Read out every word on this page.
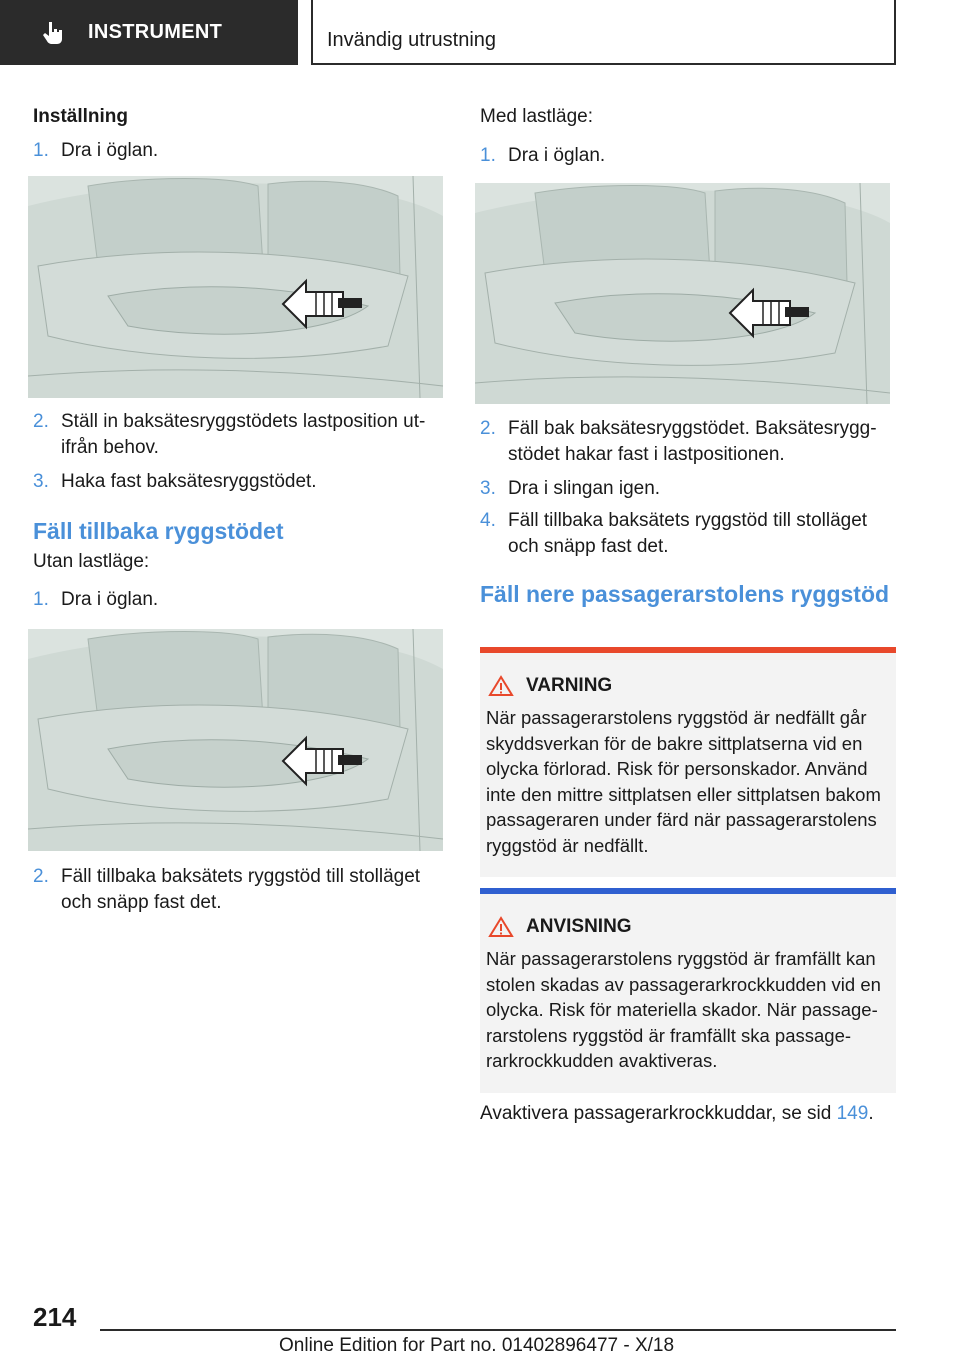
INSTRUMENT	Invändig utrustning
Inställning
1. Dra i öglan.
2. Ställ in baksätesryggstödets lastposition utifrån behov.
3. Haka fast baksätesryggstödet.
Fäll tillbaka ryggstödet
Utan lastläge:
1. Dra i öglan.
2. Fäll tillbaka baksätets ryggstöd till stolläget och snäpp fast det.
Med lastläge:
1. Dra i öglan.
2. Fäll bak baksätesryggstödet. Baksätesryggstödet hakar fast i lastpositionen.
3. Dra i slingan igen.
4. Fäll tillbaka baksätets ryggstöd till stolläget och snäpp fast det.
Fäll nere passagerarstolens ryggstöd
VARNING
När passagerarstolens ryggstöd är nedfällt går skyddsverkan för de bakre sittplatserna vid en olycka förlorad. Risk för personskador. Använd inte den mittre sittplatsen eller sittplatsen bakom passageraren under färd när passagerarstolens ryggstöd är nedfällt.
ANVISNING
När passagerarstolens ryggstöd är framfällt kan stolen skadas av passagerarkrockkudden vid en olycka. Risk för materiella skador. När passagerarstolens ryggstöd är framfällt ska passagerarkrockkudden avaktiveras.
Avaktivera passagerarkrockkuddar, se sid 149.
214
Online Edition for Part no. 01402896477 - X/18
